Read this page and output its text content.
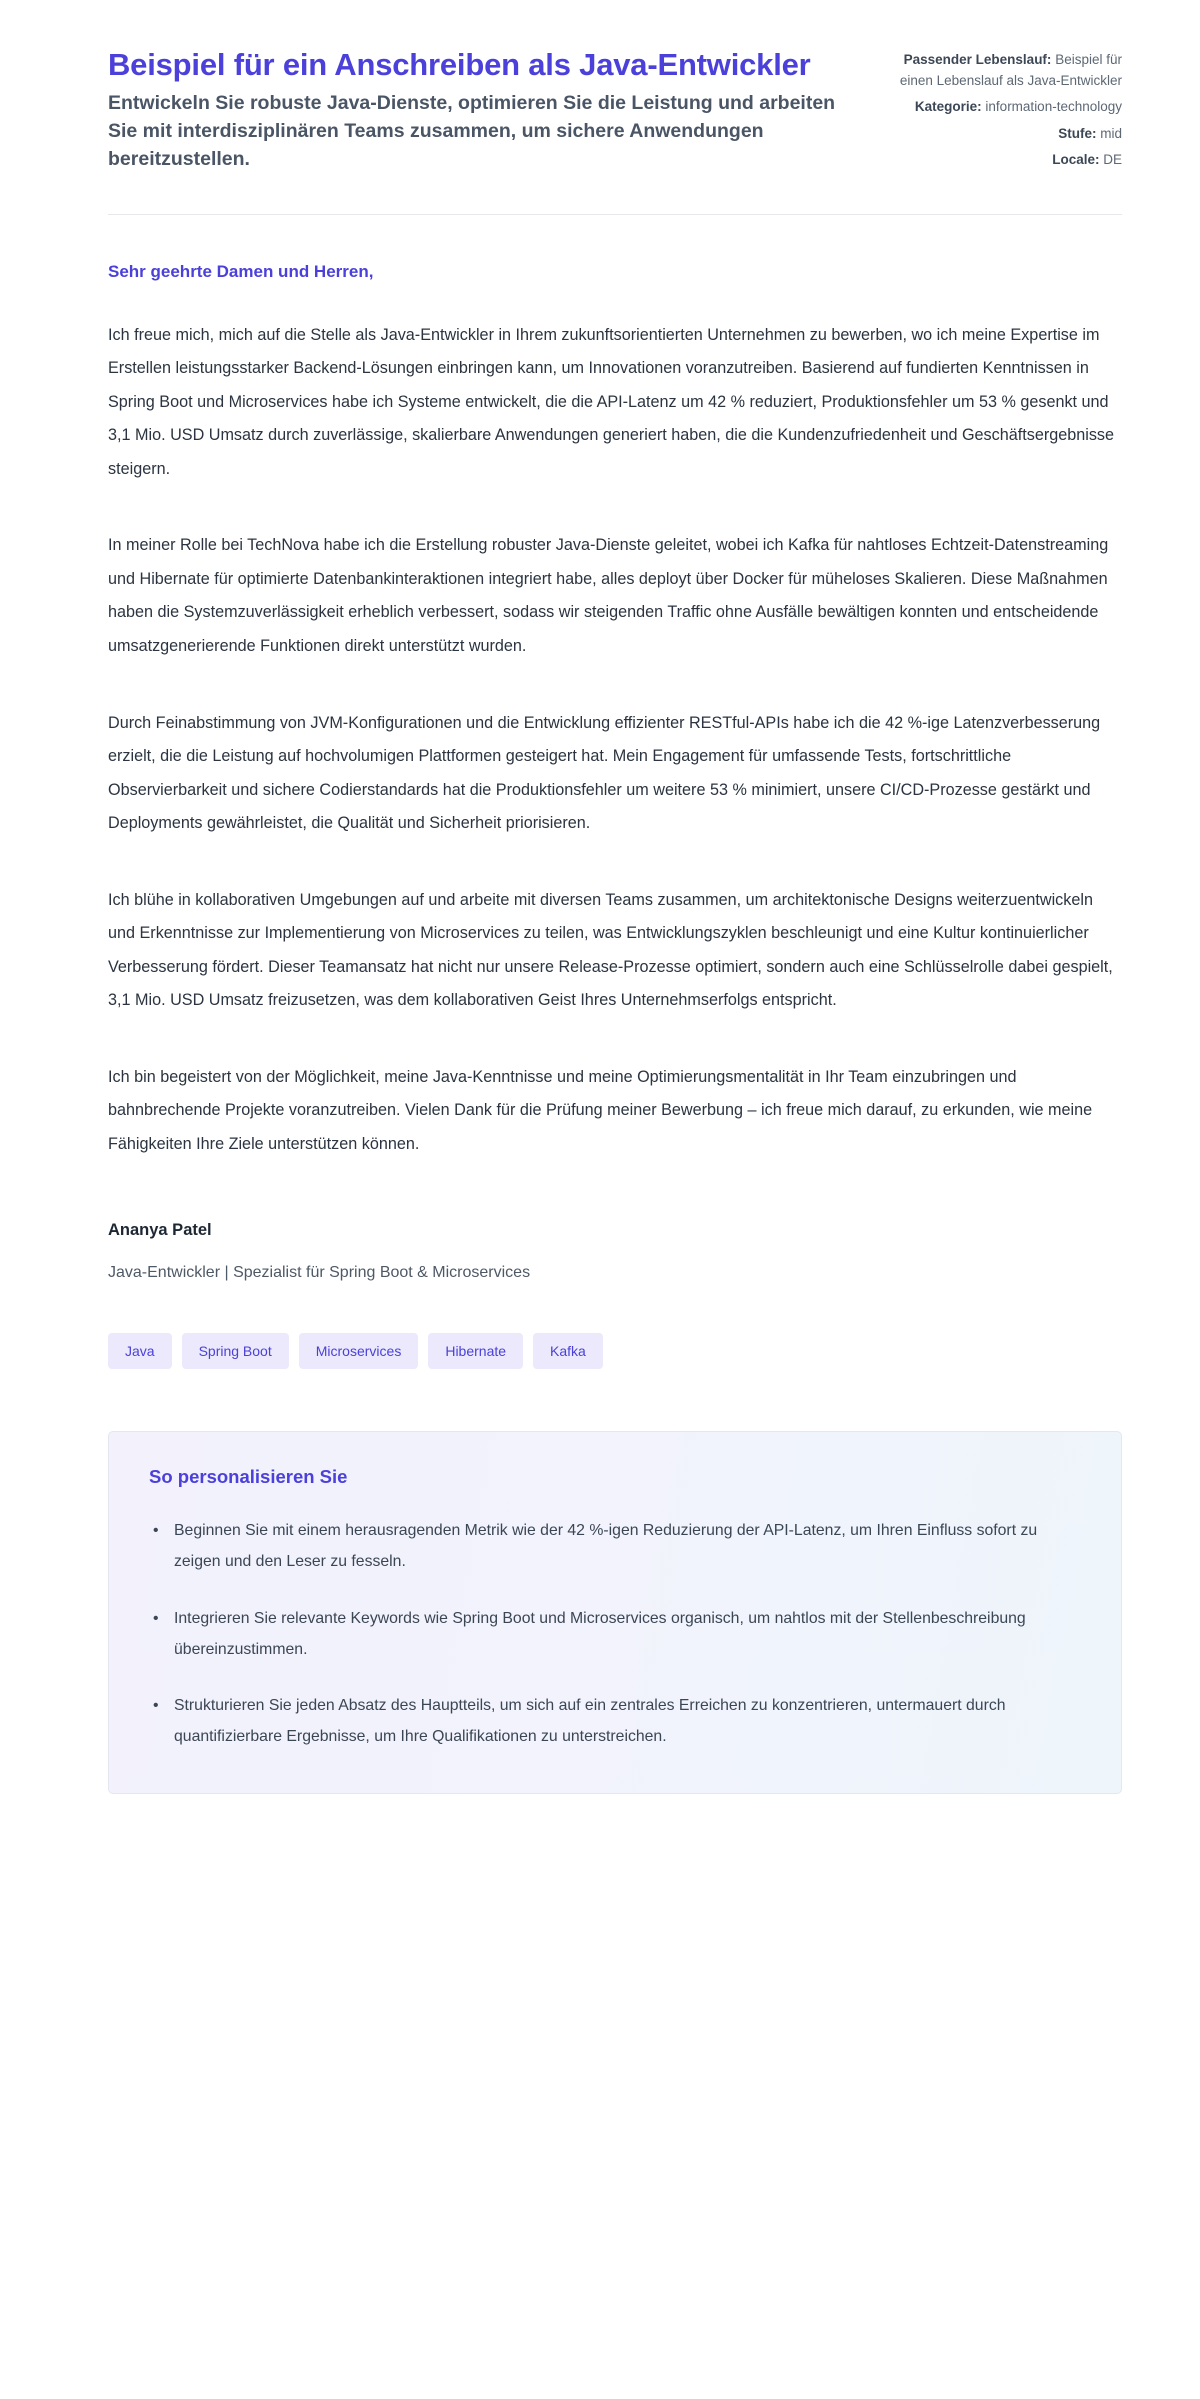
Beispiel für ein Anschreiben als Java-Entwickler

Entwickeln Sie robuste Java-Dienste, optimieren Sie die Leistung und arbeiten Sie mit interdisziplinären Teams zusammen, um sichere Anwendungen bereitzustellen.

Passender Lebenslauf: Beispiel für einen Lebenslauf als Java-Entwickler
Kategorie: information-technology
Stufe: mid
Locale: DE

Sehr geehrte Damen und Herren,

Ich freue mich, mich auf die Stelle als Java-Entwickler in Ihrem zukunftsorientierten Unternehmen zu bewerben, wo ich meine Expertise im Erstellen leistungsstarker Backend-Lösungen einbringen kann, um Innovationen voranzutreiben. Basierend auf fundierten Kenntnissen in Spring Boot und Microservices habe ich Systeme entwickelt, die die API-Latenz um 42 % reduziert, Produktionsfehler um 53 % gesenkt und 3,1 Mio. USD Umsatz durch zuverlässige, skalierbare Anwendungen generiert haben, die die Kundenzufriedenheit und Geschäftsergebnisse steigern.

In meiner Rolle bei TechNova habe ich die Erstellung robuster Java-Dienste geleitet, wobei ich Kafka für nahtloses Echtzeit-Datenstreaming und Hibernate für optimierte Datenbankinteraktionen integriert habe, alles deployt über Docker für müheloses Skalieren. Diese Maßnahmen haben die Systemzuverlässigkeit erheblich verbessert, sodass wir steigenden Traffic ohne Ausfälle bewältigen konnten und entscheidende umsatzgenerierende Funktionen direkt unterstützt wurden.

Durch Feinabstimmung von JVM-Konfigurationen und die Entwicklung effizienter RESTful-APIs habe ich die 42 %-ige Latenzverbesserung erzielt, die die Leistung auf hochvolumigen Plattformen gesteigert hat. Mein Engagement für umfassende Tests, fortschrittliche Observierbarkeit und sichere Codierstandards hat die Produktionsfehler um weitere 53 % minimiert, unsere CI/CD-Prozesse gestärkt und Deployments gewährleistet, die Qualität und Sicherheit priorisieren.

Ich blühe in kollaborativen Umgebungen auf und arbeite mit diversen Teams zusammen, um architektonische Designs weiterzuentwickeln und Erkenntnisse zur Implementierung von Microservices zu teilen, was Entwicklungszyklen beschleunigt und eine Kultur kontinuierlicher Verbesserung fördert. Dieser Teamansatz hat nicht nur unsere Release-Prozesse optimiert, sondern auch eine Schlüsselrolle dabei gespielt, 3,1 Mio. USD Umsatz freizusetzen, was dem kollaborativen Geist Ihres Unternehmserfolgs entspricht.

Ich bin begeistert von der Möglichkeit, meine Java-Kenntnisse und meine Optimierungsmentalität in Ihr Team einzubringen und bahnbrechende Projekte voranzutreiben. Vielen Dank für die Prüfung meiner Bewerbung – ich freue mich darauf, zu erkunden, wie meine Fähigkeiten Ihre Ziele unterstützen können.

Ananya Patel

Java-Entwickler | Spezialist für Spring Boot & Microservices

Java	Spring Boot	Microservices	Hibernate	Kafka
So personalisieren Sie
• Beginnen Sie mit einem herausragenden Metrik wie der 42 %-igen Reduzierung der API-Latenz, um Ihren Einfluss sofort zu zeigen und den Leser zu fesseln.
• Integrieren Sie relevante Keywords wie Spring Boot und Microservices organisch, um nahtlos mit der Stellenbeschreibung übereinzustimmen.
• Strukturieren Sie jeden Absatz des Hauptteils, um sich auf ein zentrales Erreichen zu konzentrieren, untermauert durch quantifizierbare Ergebnisse, um Ihre Qualifikationen zu unterstreichen.
